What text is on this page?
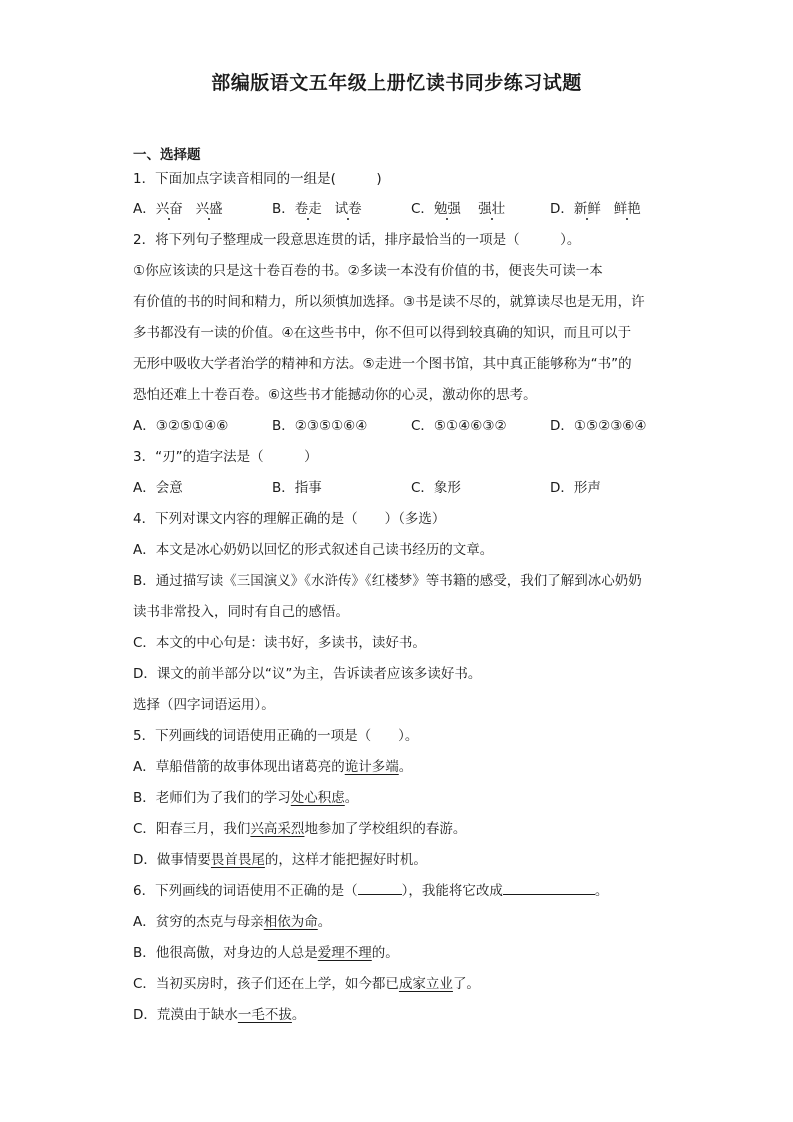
部编版语文五年级上册忆读书同步练习试题
一、选择题
1．下面加点字读音相同的一组是(　　　)
A．兴奋 兴盛	B．卷走 试卷	C．勉强 强壮	D．新鲜 鲜艳
2．将下列句子整理成一段意思连贯的话，排序最恰当的一项是（　　　）。
①你应该读的只是这十卷百卷的书。②多读一本没有价值的书，便丧失可读一本
有价值的书的时间和精力，所以须慎加选择。③书是读不尽的，就算读尽也是无用，许
多书都没有一读的价值。④在这些书中，你不但可以得到较真确的知识，而且可以于
无形中吸收大学者治学的精神和方法。⑤走进一个图书馆，其中真正能够称为“书”的
恐怕还难上十卷百卷。⑥这些书才能撼动你的心灵，激动你的思考。
A．③②⑤①④⑥	B．②③⑤①⑥④	C．⑤①④⑥③②	D．①⑤②③⑥④
3．“刃”的造字法是（　　　）
A．会意	B．指事	C．象形	D．形声
4．下列对课文内容的理解正确的是（　　）（多选）
A．本文是冰心奶奶以回忆的形式叙述自己读书经历的文章。
B．通过描写读《三国演义》《水浒传》《红楼梦》等书籍的感受，我们了解到冰心奶奶
读书非常投入，同时有自己的感悟。
C．本文的中心句是：读书好，多读书，读好书。
D．课文的前半部分以“议”为主，告诉读者应该多读好书。
选择（四字词语运用）。
5．下列画线的词语使用正确的一项是（　　）。
A．草船借箭的故事体现出诸葛亮的诡计多端。
B．老师们为了我们的学习处心积虑。
C．阳春三月，我们兴高采烈地参加了学校组织的春游。
D．做事情要畏首畏尾的，这样才能把握好时机。
6．下列画线的词语使用不正确的是（	），我能将它改成	。
A．贫穷的杰克与母亲相依为命。
B．他很高傲，对身边的人总是爱理不理的。
C．当初买房时，孩子们还在上学，如今都已成家立业了。
D．荒漠由于缺水一毛不拔。
